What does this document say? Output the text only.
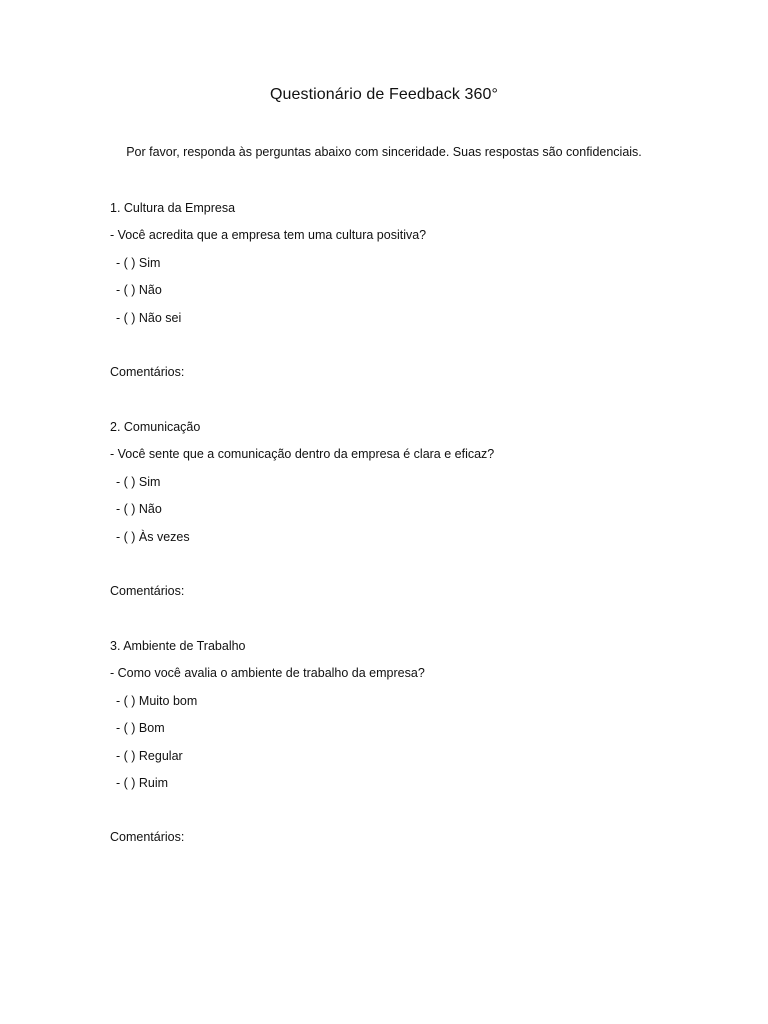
Questionário de Feedback 360°
Por favor, responda às perguntas abaixo com sinceridade. Suas respostas são confidenciais.
1. Cultura da Empresa
- Você acredita que a empresa tem uma cultura positiva?
- ( ) Sim
- ( ) Não
- ( ) Não sei
Comentários:
2. Comunicação
- Você sente que a comunicação dentro da empresa é clara e eficaz?
- ( ) Sim
- ( ) Não
- ( ) Às vezes
Comentários:
3. Ambiente de Trabalho
- Como você avalia o ambiente de trabalho da empresa?
- ( ) Muito bom
- ( ) Bom
- ( ) Regular
- ( ) Ruim
Comentários:
